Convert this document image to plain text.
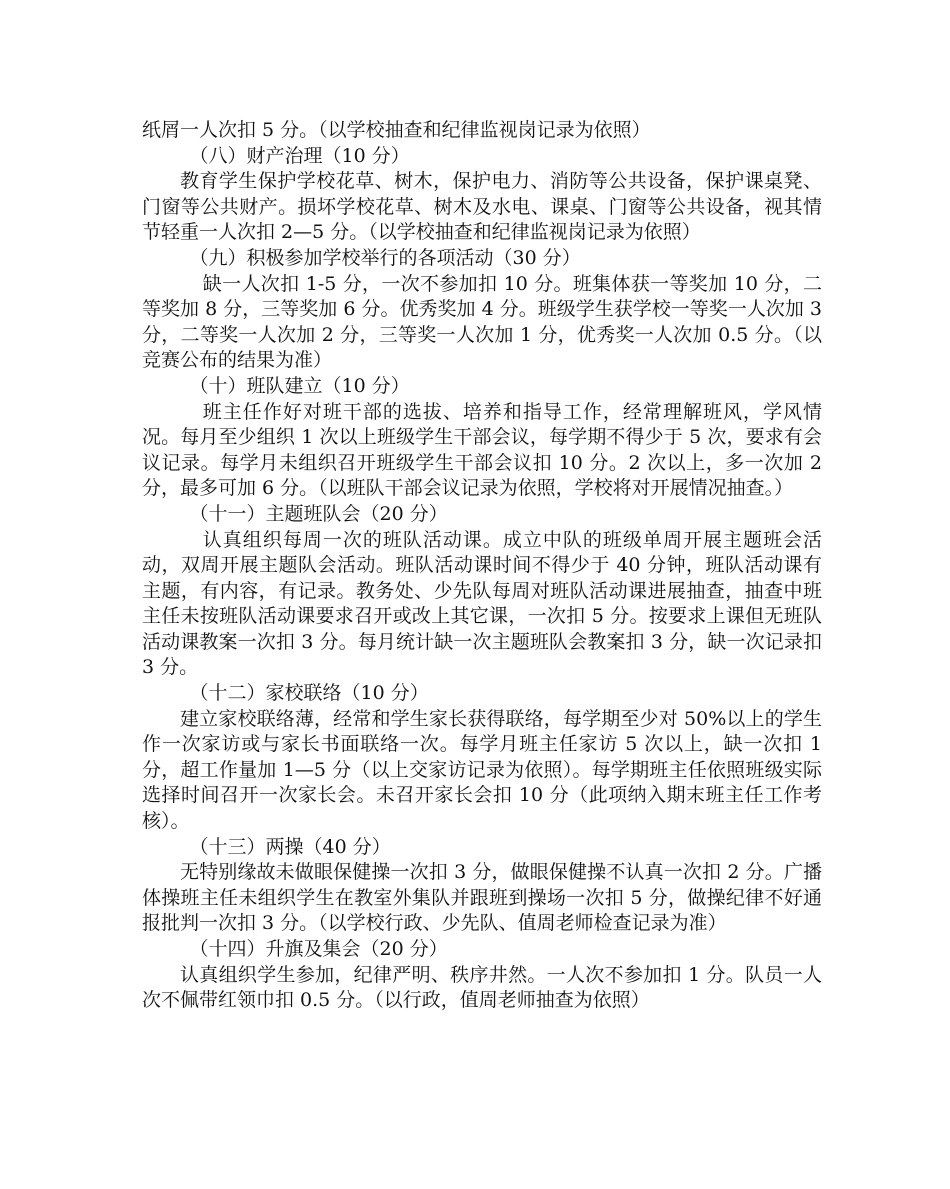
纸屑一人次扣 5 分。（以学校抽查和纪律监视岗记录为依照）

（八）财产治理（10 分）

教育学生保护学校花草、树木，保护电力、消防等公共设备，保护课桌凳、门窗等公共财产。损坏学校花草、树木及水电、课桌、门窗等公共设备，视其情节轻重一人次扣 2—5 分。（以学校抽查和纪律监视岗记录为依照）

（九）积极参加学校举行的各项活动（30 分）

缺一人次扣 1-5 分，一次不参加扣 10 分。班集体获一等奖加 10 分，二等奖加 8 分，三等奖加 6 分。优秀奖加 4 分。班级学生获学校一等奖一人次加 3 分，二等奖一人次加 2 分，三等奖一人次加 1 分，优秀奖一人次加 0.5 分。（以竞赛公布的结果为准）

（十）班队建立（10 分）

班主任作好对班干部的选拔、培养和指导工作，经常理解班风，学风情况。每月至少组织 1 次以上班级学生干部会议，每学期不得少于 5 次，要求有会议记录。每学月未组织召开班级学生干部会议扣 10 分。2 次以上，多一次加 2 分，最多可加 6 分。（以班队干部会议记录为依照，学校将对开展情况抽查。）

（十一）主题班队会（20 分）

认真组织每周一次的班队活动课。成立中队的班级单周开展主题班会活动，双周开展主题队会活动。班队活动课时间不得少于 40 分钟，班队活动课有主题，有内容，有记录。教务处、少先队每周对班队活动课进展抽查，抽查中班主任未按班队活动课要求召开或改上其它课，一次扣 5 分。按要求上课但无班队活动课教案一次扣 3 分。每月统计缺一次主题班队会教案扣 3 分，缺一次记录扣 3 分。

（十二）家校联络（10 分）

建立家校联络薄，经常和学生家长获得联络，每学期至少对 50%以上的学生作一次家访或与家长书面联络一次。每学月班主任家访 5 次以上，缺一次扣 1 分，超工作量加 1—5 分（以上交家访记录为依照）。每学期班主任依照班级实际选择时间召开一次家长会。未召开家长会扣 10 分（此项纳入期末班主任工作考核）。

（十三）两操（40 分）

无特别缘故未做眼保健操一次扣 3 分，做眼保健操不认真一次扣 2 分。广播体操班主任未组织学生在教室外集队并跟班到操场一次扣 5 分，做操纪律不好通报批判一次扣 3 分。（以学校行政、少先队、值周老师检查记录为准）

（十四）升旗及集会（20 分）

认真组织学生参加，纪律严明、秩序井然。一人次不参加扣 1 分。队员一人次不佩带红领巾扣 0.5 分。（以行政，值周老师抽查为依照）
